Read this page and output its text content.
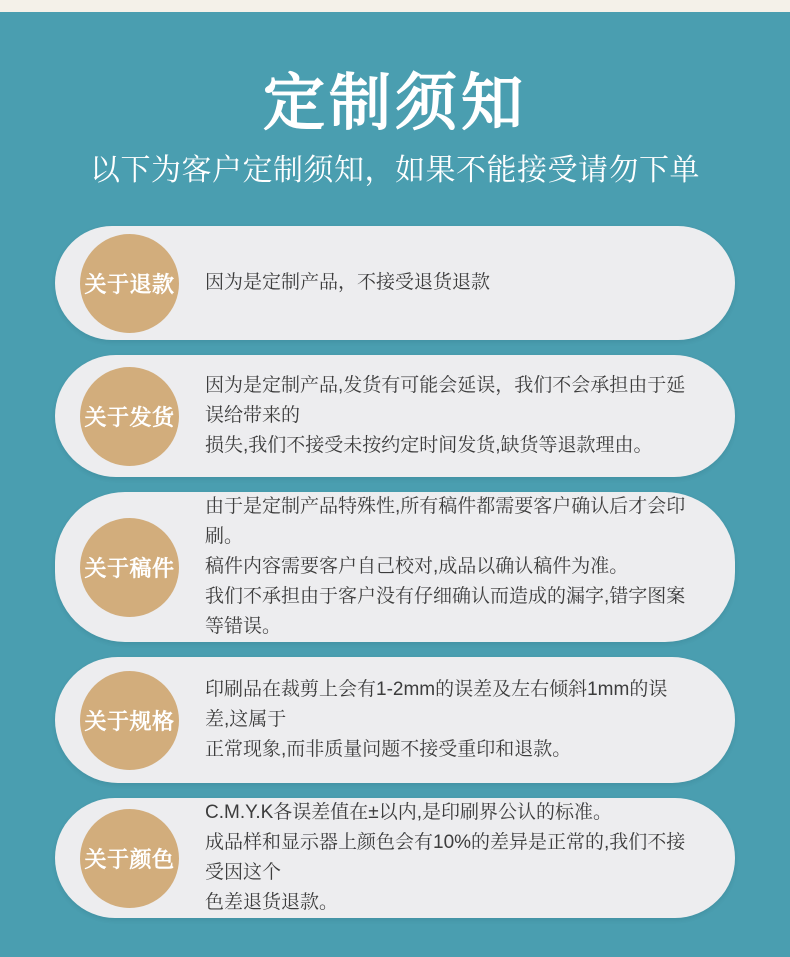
定制须知
以下为客户定制须知，如果不能接受请勿下单
关于退款 因为是定制产品，不接受退货退款
关于发货
因为是定制产品,发货有可能会延误，我们不会承担由于延误给带来的
损失,我们不接受未按约定时间发货,缺货等退款理由。
关于稿件
由于是定制产品特殊性,所有稿件都需要客户确认后才会印刷。
稿件内容需要客户自己校对,成品以确认稿件为准。
我们不承担由于客户没有仔细确认而造成的漏字,错字图案等错误。
关于规格
印刷品在裁剪上会有1-2mm的误差及左右倾斜1mm的误差,这属于
正常现象,而非质量问题不接受重印和退款。
关于颜色
C.M.Y.K各误差值在±以内,是印刷界公认的标准。
成品样和显示器上颜色会有10%的差异是正常的,我们不接受因这个
色差退货退款。
